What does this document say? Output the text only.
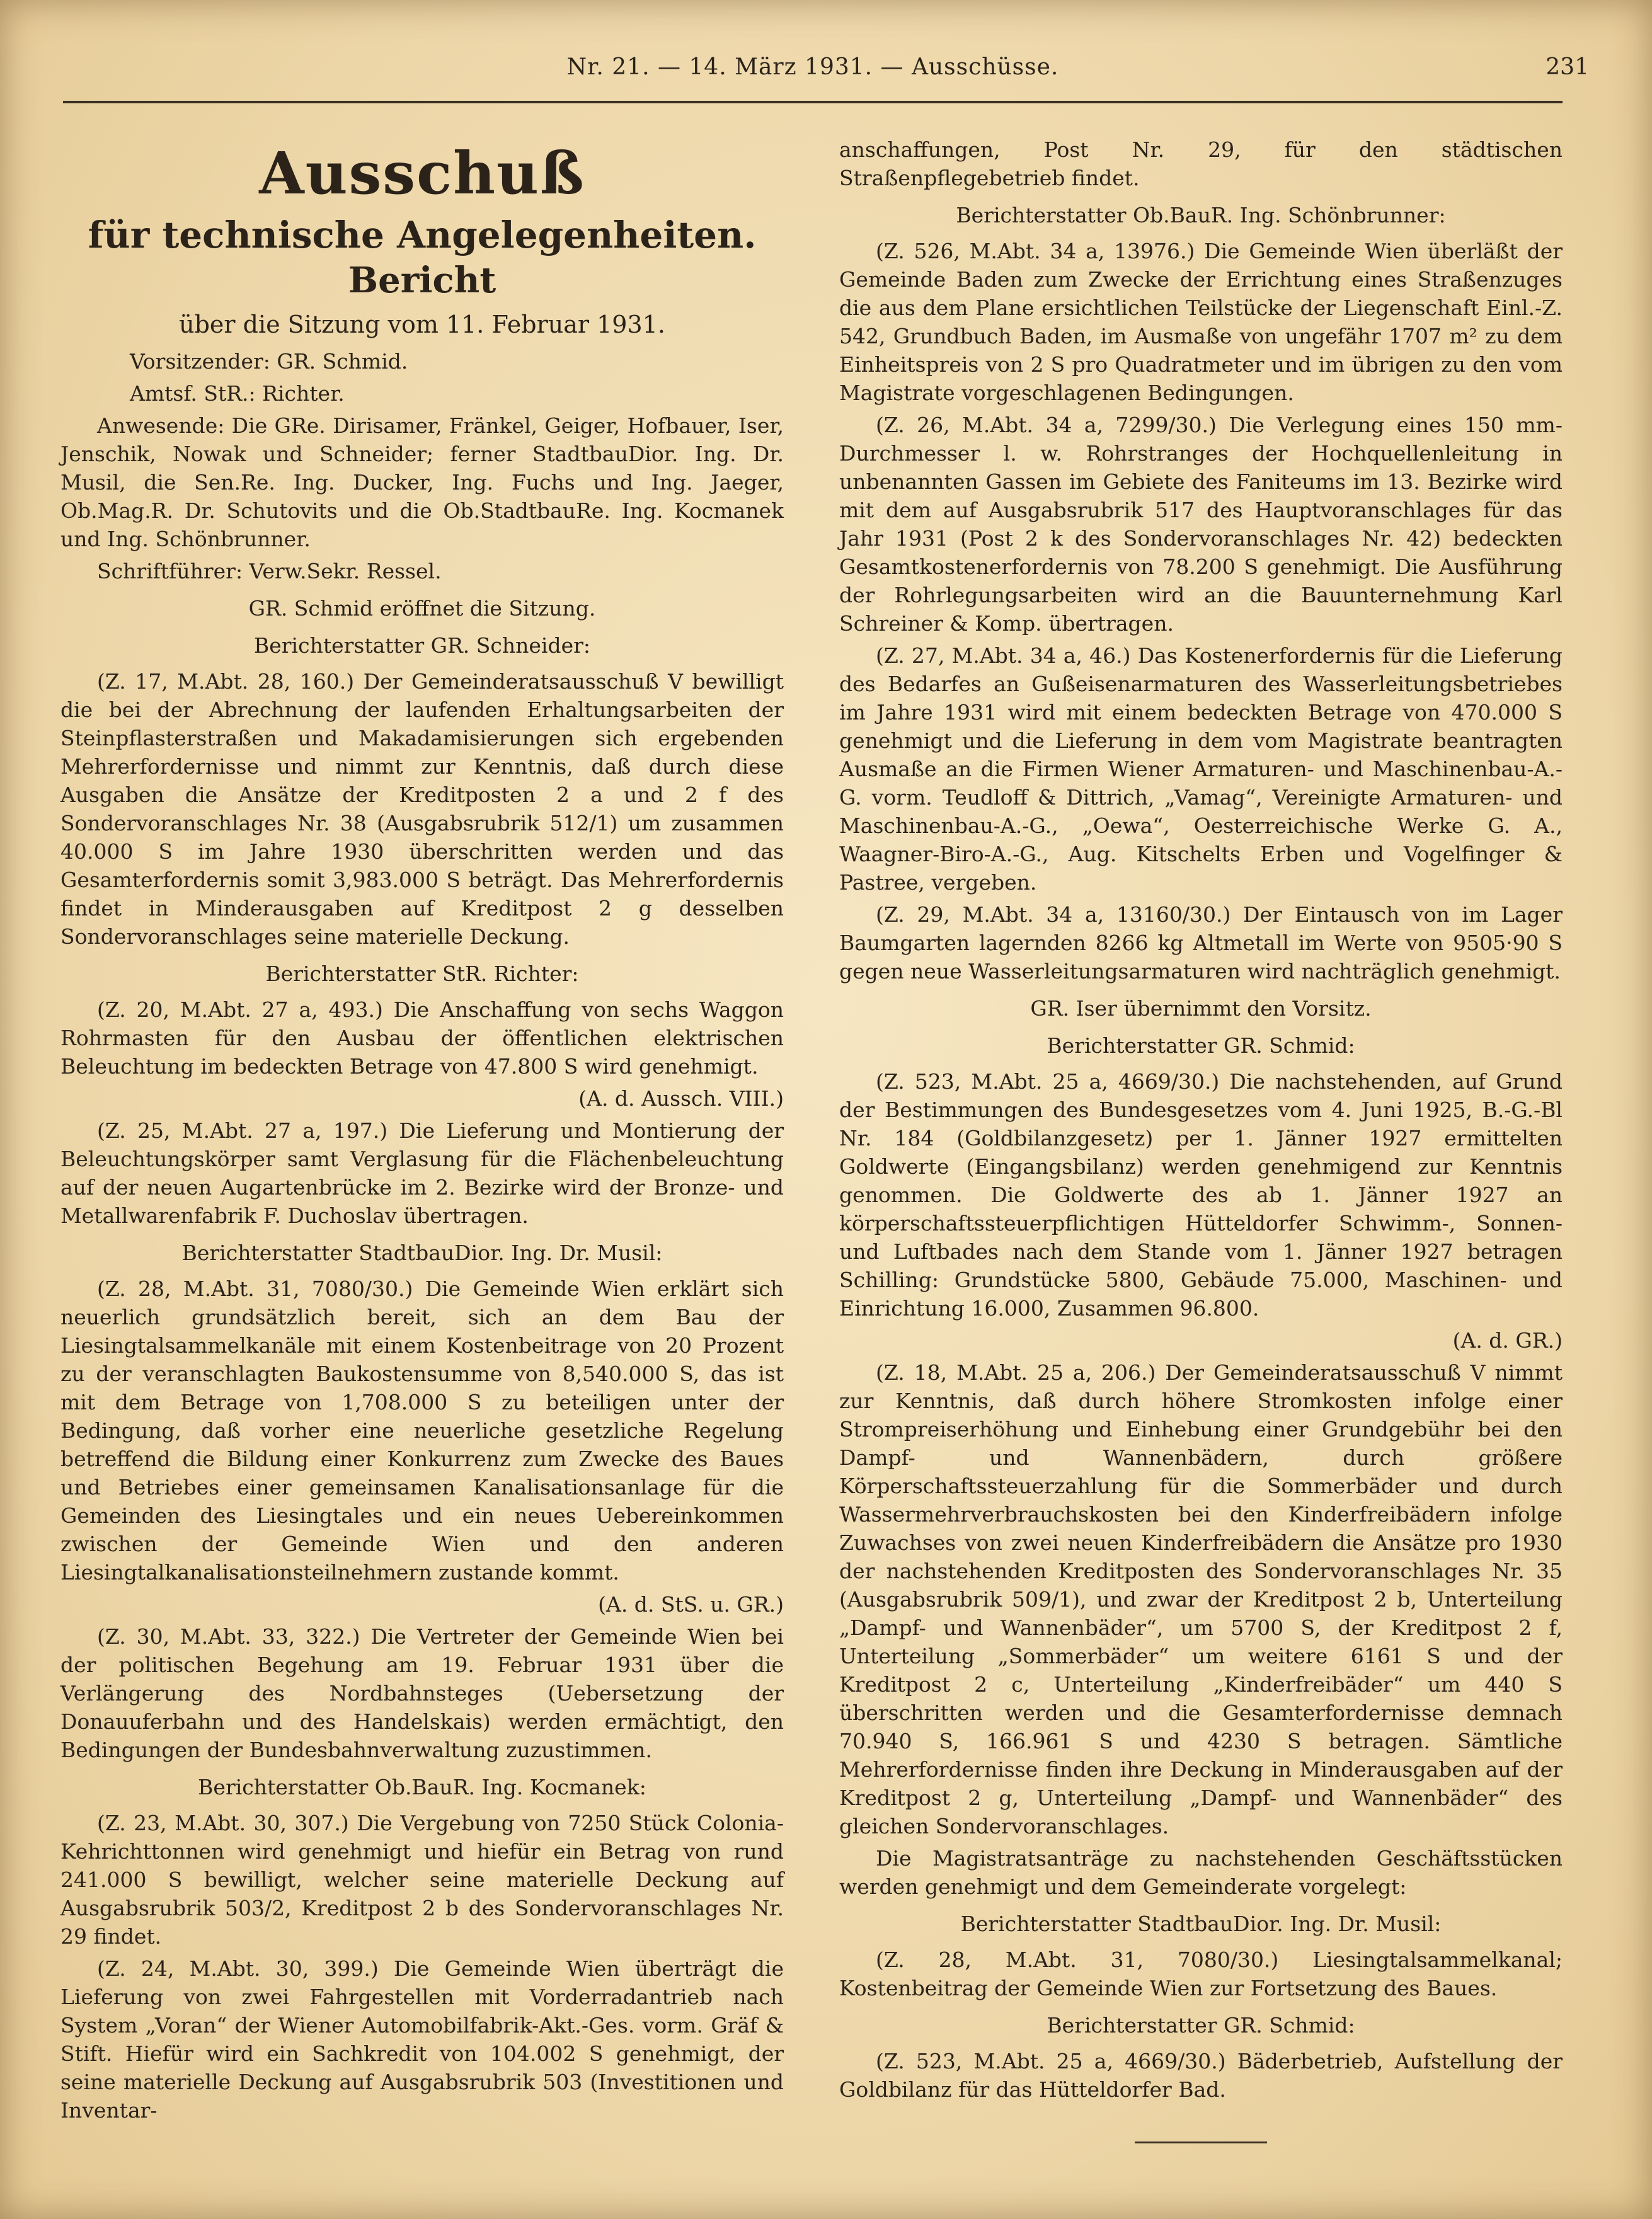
Nr. 21. — 14. März 1931. — Ausschüsse.	231
Ausschuß
für technische Angelegenheiten.
Bericht
über die Sitzung vom 11. Februar 1931.

Vorsitzender: GR. Schmid.

Amtsf. StR.: Richter.

Anwesende: Die GRe. Dirisamer, Fränkel, Geiger, Hofbauer, Iser, Jenschik, Nowak und Schneider; ferner StadtbauDior. Ing. Dr. Musil, die Sen.Re. Ing. Ducker, Ing. Fuchs und Ing. Jaeger, Ob.Mag.R. Dr. Schutovits und die Ob.StadtbauRe. Ing. Kocmanek und Ing. Schönbrunner.

Schriftführer: Verw.Sekr. Ressel.

GR. Schmid eröffnet die Sitzung.

Berichterstatter GR. Schneider:

(Z. 17, M.Abt. 28, 160.) Der Gemeinderatsausschuß V bewilligt die bei der Abrechnung der laufenden Erhaltungsarbeiten der Steinpflasterstraßen und Makadamisierungen sich ergebenden Mehrerfordernisse und nimmt zur Kenntnis, daß durch diese Ausgaben die Ansätze der Kreditposten 2 a und 2 f des Sondervoranschlages Nr. 38 (Ausgabsrubrik 512/1) um zusammen 40.000 S im Jahre 1930 überschritten werden und das Gesamterfordernis somit 3,983.000 S beträgt. Das Mehrerfordernis findet in Minderausgaben auf Kreditpost 2 g desselben Sondervoranschlages seine materielle Deckung.

Berichterstatter StR. Richter:

(Z. 20, M.Abt. 27 a, 493.) Die Anschaffung von sechs Waggon Rohrmasten für den Ausbau der öffentlichen elektrischen Beleuchtung im bedeckten Betrage von 47.800 S wird genehmigt.

(A. d. Aussch. VIII.)

(Z. 25, M.Abt. 27 a, 197.) Die Lieferung und Montierung der Beleuchtungskörper samt Verglasung für die Flächenbeleuchtung auf der neuen Augartenbrücke im 2. Bezirke wird der Bronze- und Metallwarenfabrik F. Duchoslav übertragen.

Berichterstatter StadtbauDior. Ing. Dr. Musil:

(Z. 28, M.Abt. 31, 7080/30.) Die Gemeinde Wien erklärt sich neuerlich grundsätzlich bereit, sich an dem Bau der Liesingtalsammelkanäle mit einem Kostenbeitrage von 20 Prozent zu der veranschlagten Baukostensumme von 8,540.000 S, das ist mit dem Betrage von 1,708.000 S zu beteiligen unter der Bedingung, daß vorher eine neuerliche gesetzliche Regelung betreffend die Bildung einer Konkurrenz zum Zwecke des Baues und Betriebes einer gemeinsamen Kanalisationsanlage für die Gemeinden des Liesingtales und ein neues Uebereinkommen zwischen der Gemeinde Wien und den anderen Liesingtalkanalisationsteilnehmern zustande kommt.

(A. d. StS. u. GR.)

(Z. 30, M.Abt. 33, 322.) Die Vertreter der Gemeinde Wien bei der politischen Begehung am 19. Februar 1931 über die Verlängerung des Nordbahnsteges (Uebersetzung der Donauuferbahn und des Handelskais) werden ermächtigt, den Bedingungen der Bundesbahnverwaltung zuzustimmen.

Berichterstatter Ob.BauR. Ing. Kocmanek:

(Z. 23, M.Abt. 30, 307.) Die Vergebung von 7250 Stück Colonia-Kehrichttonnen wird genehmigt und hiefür ein Betrag von rund 241.000 S bewilligt, welcher seine materielle Deckung auf Ausgabsrubrik 503/2, Kreditpost 2 b des Sondervoranschlages Nr. 29 findet.

(Z. 24, M.Abt. 30, 399.) Die Gemeinde Wien überträgt die Lieferung von zwei Fahrgestellen mit Vorderradantrieb nach System „Voran“ der Wiener Automobilfabrik-Akt.-Ges. vorm. Gräf & Stift. Hiefür wird ein Sachkredit von 104.002 S genehmigt, der seine materielle Deckung auf Ausgabsrubrik 503 (Investitionen und Inventar-

anschaffungen, Post Nr. 29, für den städtischen Straßenpflegebetrieb findet.

Berichterstatter Ob.BauR. Ing. Schönbrunner:

(Z. 526, M.Abt. 34 a, 13976.) Die Gemeinde Wien überläßt der Gemeinde Baden zum Zwecke der Errichtung eines Straßenzuges die aus dem Plane ersichtlichen Teilstücke der Liegenschaft Einl.-Z. 542, Grundbuch Baden, im Ausmaße von ungefähr 1707 m² zu dem Einheitspreis von 2 S pro Quadratmeter und im übrigen zu den vom Magistrate vorgeschlagenen Bedingungen.

(Z. 26, M.Abt. 34 a, 7299/30.) Die Verlegung eines 150 mm-Durchmesser l. w. Rohrstranges der Hochquellenleitung in unbenannten Gassen im Gebiete des Faniteums im 13. Bezirke wird mit dem auf Ausgabsrubrik 517 des Hauptvoranschlages für das Jahr 1931 (Post 2 k des Sondervoranschlages Nr. 42) bedeckten Gesamtkostenerfordernis von 78.200 S genehmigt. Die Ausführung der Rohrlegungsarbeiten wird an die Bauunternehmung Karl Schreiner & Komp. übertragen.

(Z. 27, M.Abt. 34 a, 46.) Das Kostenerfordernis für die Lieferung des Bedarfes an Gußeisenarmaturen des Wasserleitungsbetriebes im Jahre 1931 wird mit einem bedeckten Betrage von 470.000 S genehmigt und die Lieferung in dem vom Magistrate beantragten Ausmaße an die Firmen Wiener Armaturen- und Maschinenbau-A.-G. vorm. Teudloff & Dittrich, „Vamag“, Vereinigte Armaturen- und Maschinenbau-A.-G., „Oewa“, Oesterreichische Werke G. A., Waagner-Biro-A.-G., Aug. Kitschelts Erben und Vogelfinger & Pastree, vergeben.

(Z. 29, M.Abt. 34 a, 13160/30.) Der Eintausch von im Lager Baumgarten lagernden 8266 kg Altmetall im Werte von 9505·90 S gegen neue Wasserleitungsarmaturen wird nachträglich genehmigt.

GR. Iser übernimmt den Vorsitz.

Berichterstatter GR. Schmid:

(Z. 523, M.Abt. 25 a, 4669/30.) Die nachstehenden, auf Grund der Bestimmungen des Bundesgesetzes vom 4. Juni 1925, B.-G.-Bl Nr. 184 (Goldbilanzgesetz) per 1. Jänner 1927 ermittelten Goldwerte (Eingangsbilanz) werden genehmigend zur Kenntnis genommen. Die Goldwerte des ab 1. Jänner 1927 an körperschaftssteuerpflichtigen Hütteldorfer Schwimm-, Sonnen- und Luftbades nach dem Stande vom 1. Jänner 1927 betragen Schilling: Grundstücke 5800, Gebäude 75.000, Maschinen- und Einrichtung 16.000, Zusammen 96.800.

(A. d. GR.)

(Z. 18, M.Abt. 25 a, 206.) Der Gemeinderatsausschuß V nimmt zur Kenntnis, daß durch höhere Stromkosten infolge einer Strompreiserhöhung und Einhebung einer Grundgebühr bei den Dampf- und Wannenbädern, durch größere Körperschaftssteuerzahlung für die Sommerbäder und durch Wassermehrverbrauchskosten bei den Kinderfreibädern infolge Zuwachses von zwei neuen Kinderfreibädern die Ansätze pro 1930 der nachstehenden Kreditposten des Sondervoranschlages Nr. 35 (Ausgabsrubrik 509/1), und zwar der Kreditpost 2 b, Unterteilung „Dampf- und Wannenbäder“, um 5700 S, der Kreditpost 2 f, Unterteilung „Sommerbäder“ um weitere 6161 S und der Kreditpost 2 c, Unterteilung „Kinderfreibäder“ um 440 S überschritten werden und die Gesamterfordernisse demnach 70.940 S, 166.961 S und 4230 S betragen. Sämtliche Mehrerfordernisse finden ihre Deckung in Minderausgaben auf der Kreditpost 2 g, Unterteilung „Dampf- und Wannenbäder“ des gleichen Sondervoranschlages.

Die Magistratsanträge zu nachstehenden Geschäftsstücken werden genehmigt und dem Gemeinderate vorgelegt:

Berichterstatter StadtbauDior. Ing. Dr. Musil:

(Z. 28, M.Abt. 31, 7080/30.) Liesingtalsammelkanal; Kostenbeitrag der Gemeinde Wien zur Fortsetzung des Baues.

Berichterstatter GR. Schmid:

(Z. 523, M.Abt. 25 a, 4669/30.) Bäderbetrieb, Aufstellung der Goldbilanz für das Hütteldorfer Bad.
